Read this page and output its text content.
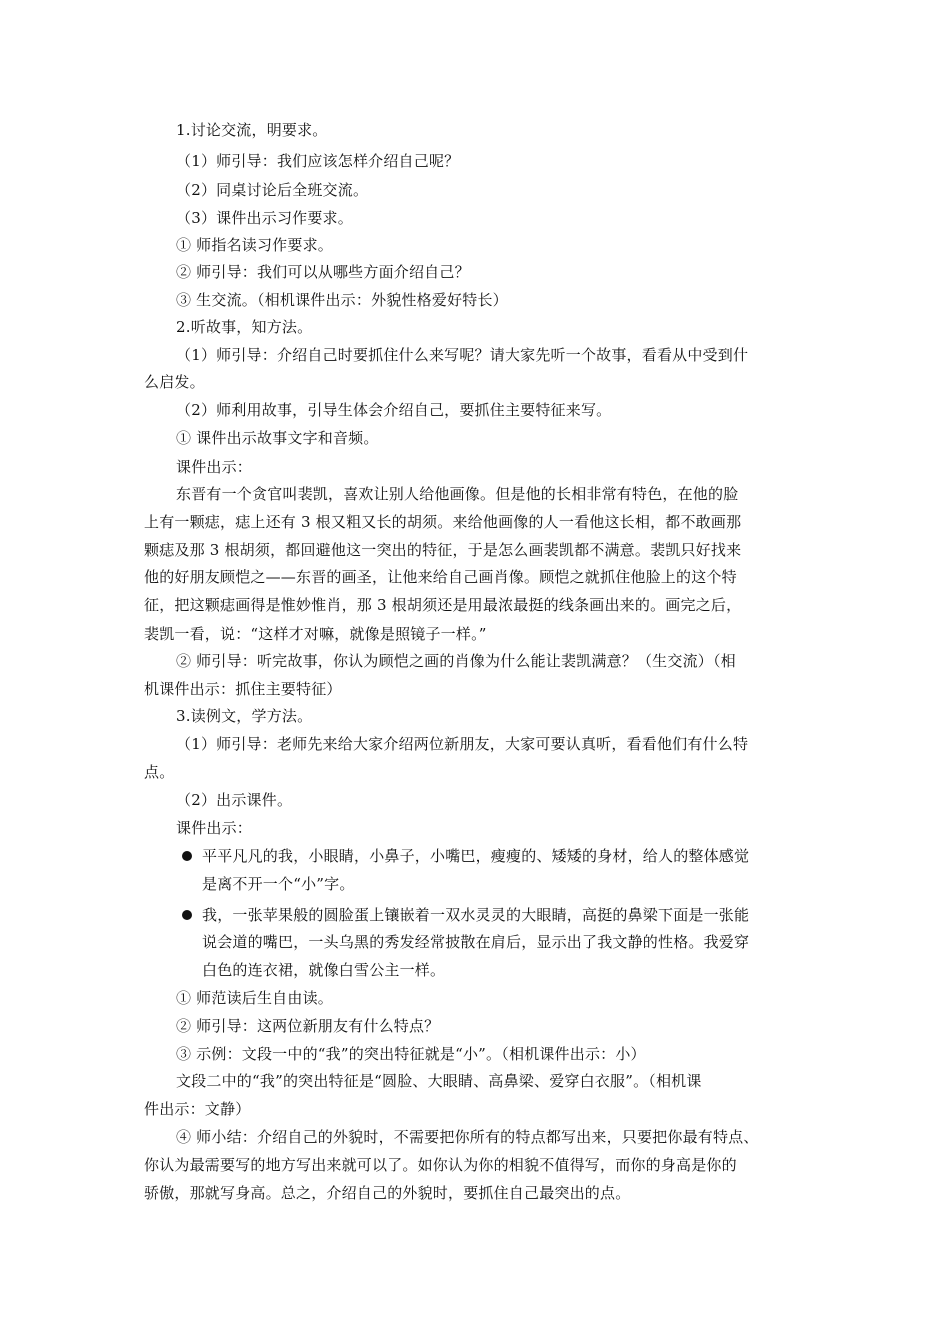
1.讨论交流，明要求。
（1）师引导：我们应该怎样介绍自己呢？
（2）同桌讨论后全班交流。
（3）课件出示习作要求。
① 师指名读习作要求。
② 师引导：我们可以从哪些方面介绍自己？
③ 生交流。（相机课件出示：外貌性格爱好特长）
2.听故事，知方法。
（1）师引导：介绍自己时要抓住什么来写呢？请大家先听一个故事，看看从中受到什
么启发。
（2）师利用故事，引导生体会介绍自己，要抓住主要特征来写。
① 课件出示故事文字和音频。
课件出示：
东晋有一个贪官叫裴凯，喜欢让别人给他画像。但是他的长相非常有特色，在他的脸
上有一颗痣，痣上还有 3 根又粗又长的胡须。来给他画像的人一看他这长相，都不敢画那
颗痣及那 3 根胡须，都回避他这一突出的特征，于是怎么画裴凯都不满意。裴凯只好找来
他的好朋友顾恺之——东晋的画圣，让他来给自己画肖像。顾恺之就抓住他脸上的这个特
征，把这颗痣画得是惟妙惟肖，那 3 根胡须还是用最浓最挺的线条画出来的。画完之后，
裴凯一看，说：“这样才对嘛，就像是照镜子一样。”
② 师引导：听完故事，你认为顾恺之画的肖像为什么能让裴凯满意？（生交流）（相
机课件出示：抓住主要特征）
3.读例文，学方法。
（1）师引导：老师先来给大家介绍两位新朋友，大家可要认真听，看看他们有什么特
点。
（2）出示课件。
课件出示：
平平凡凡的我，小眼睛，小鼻子，小嘴巴，瘦瘦的、矮矮的身材，给人的整体感觉
是离不开一个“小”字。
我，一张苹果般的圆脸蛋上镶嵌着一双水灵灵的大眼睛，高挺的鼻梁下面是一张能
说会道的嘴巴，一头乌黑的秀发经常披散在肩后，显示出了我文静的性格。我爱穿
白色的连衣裙，就像白雪公主一样。
① 师范读后生自由读。
② 师引导：这两位新朋友有什么特点？
③ 示例：文段一中的“我”的突出特征就是“小”。（相机课件出示：小）
文段二中的“我”的突出特征是“圆脸、大眼睛、高鼻梁、爱穿白衣服”。（相机课
件出示：文静）
④ 师小结：介绍自己的外貌时，不需要把你所有的特点都写出来，只要把你最有特点、
你认为最需要写的地方写出来就可以了。如你认为你的相貌不值得写，而你的身高是你的
骄傲，那就写身高。总之，介绍自己的外貌时，要抓住自己最突出的点。
